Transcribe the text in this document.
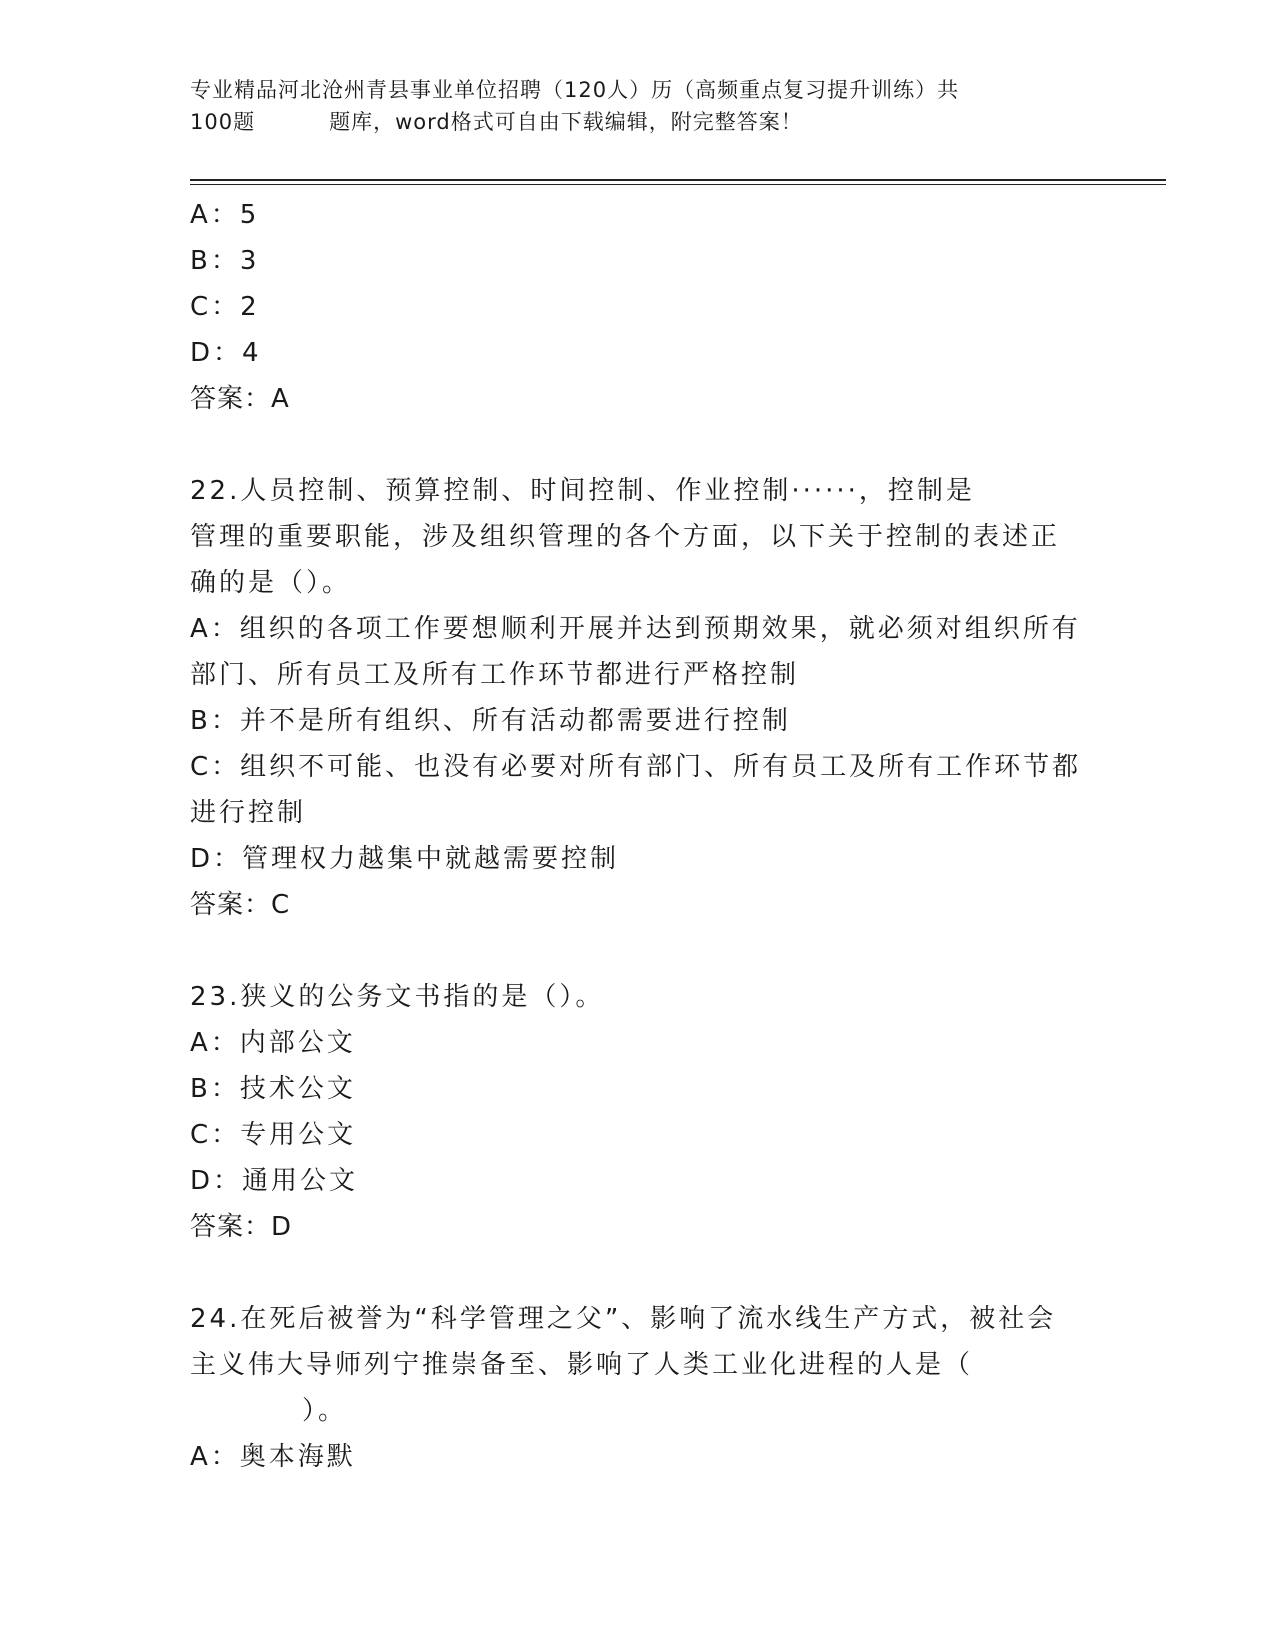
专业精品河北沧州青县事业单位招聘（120人）历（高频重点复习提升训练）共
100题	题库，word格式可自由下载编辑，附完整答案！
A：5
B：3
C：2
D：4
答案：A
22.人员控制、预算控制、时间控制、作业控制······，控制是
管理的重要职能，涉及组织管理的各个方面，以下关于控制的表述正
确的是（）。
A：组织的各项工作要想顺利开展并达到预期效果，就必须对组织所有
部门、所有员工及所有工作环节都进行严格控制
B：并不是所有组织、所有活动都需要进行控制
C：组织不可能、也没有必要对所有部门、所有员工及所有工作环节都
进行控制
D：管理权力越集中就越需要控制
答案：C
23.狭义的公务文书指的是（）。
A：内部公文
B：技术公文
C：专用公文
D：通用公文
答案：D
24.在死后被誉为“科学管理之父”、影响了流水线生产方式，被社会
主义伟大导师列宁推崇备至、影响了人类工业化进程的人是（
）。
A：奥本海默
